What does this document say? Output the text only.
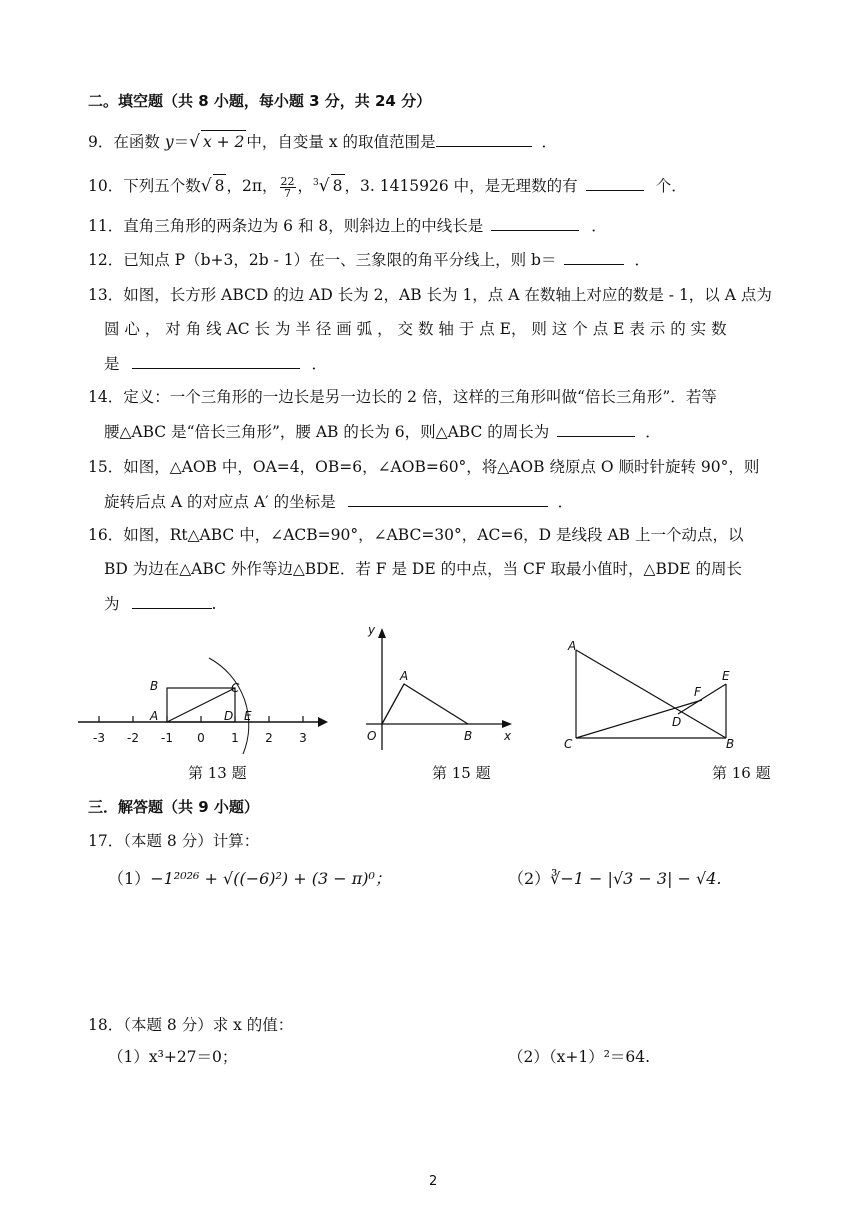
二。填空题（共 8 小题，每小题 3 分，共 24 分）
9．在函数 y＝√ x + 2 中，自变量 x 的取值范围是	．
10．下列五个数√ 8 ，2π， $\frac{22}{7}$ ，$^3$√ 8 ，3. 1415926 中，是无理数的有	个．
11．直角三角形的两条边为 6 和 8，则斜边上的中线长是	．
12．已知点 P（b+3，2b - 1）在一、三象限的角平分线上，则 b＝	．
13．如图，长方形 ABCD 的边 AD 长为 2，AB 长为 1，点 A 在数轴上对应的数是 - 1，以 A 点为
圆 心 ， 对 角 线 AC 长 为 半 径 画 弧 ， 交 数 轴 于 点 E， 则 这 个 点 E 表 示 的 实 数
是	．
14．定义：一个三角形的一边长是另一边长的 2 倍，这样的三角形叫做“倍长三角形”．若等
腰△ABC 是“倍长三角形”，腰 AB 的长为 6，则△ABC 的周长为	．
15．如图，△AOB 中，OA=4，OB=6，∠AOB=60°，将△AOB 绕原点 O 顺时针旋转 90°，则
旋转后点 A 的对应点 A′ 的坐标是	．
16．如图，Rt△ABC 中，∠ACB=90°，∠ABC=30°，AC=6，D 是线段 AB 上一个动点，以
BD 为边在△ABC 外作等边△BDE．若 F 是 DE 的中点，当 CF 取最小值时，△BDE 的周长
为	.
-3 -2 -1 0 1 2 3
B
A
C
D E
第 13 题
y
x
O
A
B
第 15 题
A
C	B
E
D
F
第 16 题
三．解答题（共 9 小题）
17．（本题 8 分）计算：
（1）−1²⁰²⁶ + √((−6)²) + (3 − π)⁰；	（2）∛−1 − |√3 − 3| − √4.
18．（本题 8 分）求 x 的值：
（1）x³+27＝0；	（2）（x+1）²＝64.
2
